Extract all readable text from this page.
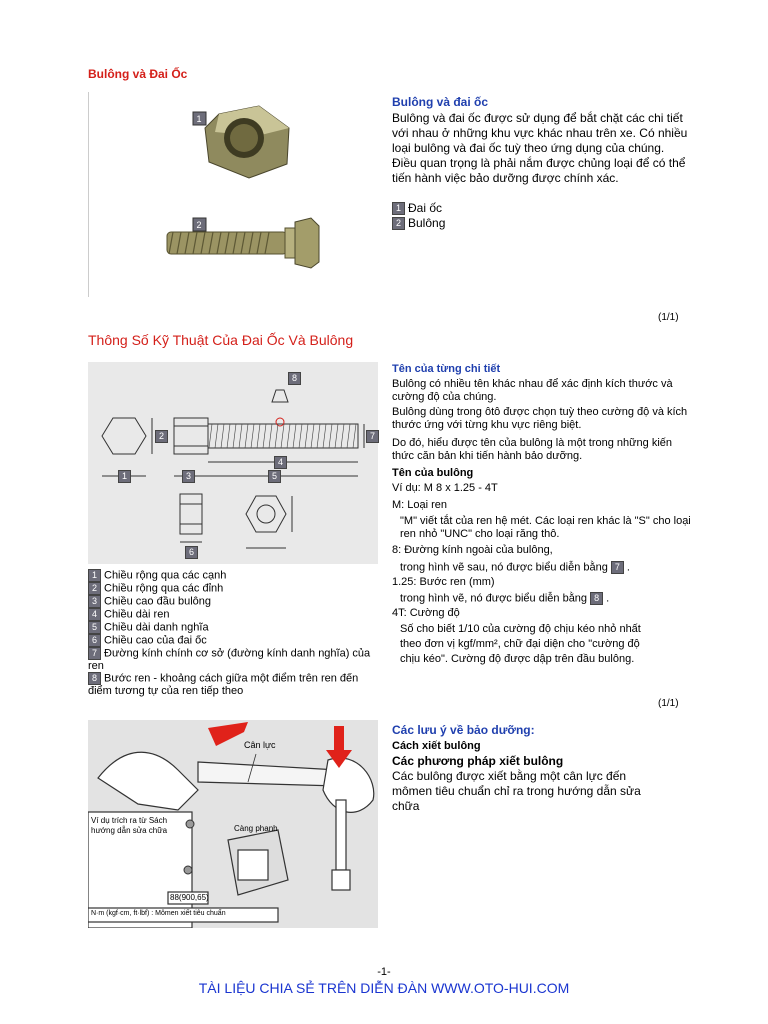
Bulông và Đai Ốc
1
2
Bulông và đai ốc
Bulông và đai ốc được sử dụng để bắt chặt các chi tiết với nhau ở những khu vực khác nhau trên xe. Có nhiều loại bulông và đai ốc tuỳ theo ứng dụng của chúng. Điều quan trọng là phải nắm được chủng loại để có thể tiến hành việc bảo dưỡng được chính xác.
1 Đai ốc
2 Bulông
(1/1)
Thông Số Kỹ Thuật Của Đai Ốc Và Bulông
1
2
3
4
5
6
7
8
1 Chiều rộng qua các cạnh
2 Chiều rộng qua các đỉnh
3 Chiều cao đầu bulông
4 Chiều dài ren
5 Chiều dài danh nghĩa
6 Chiều cao của đai ốc
7 Đường kính chính cơ sở (đường kính danh nghĩa) của ren
8 Bước ren - khoảng cách giữa một điểm trên ren đến điểm tương tự của ren tiếp theo
Tên của từng chi tiết
Bulông có nhiều tên khác nhau để xác định kích thước và cường độ của chúng.
Bulông dùng trong ôtô được chọn tuỳ theo cường độ và kích thước ứng với từng khu vực riêng biệt.
Do đó, hiểu được tên của bulông là một trong những kiến thức căn bản khi tiến hành bảo dưỡng.
Tên của bulông
Ví dụ: M 8 x 1.25 - 4T
M: Loại ren
"M" viết tắt của ren hệ mét. Các loại ren khác là "S" cho loại ren nhỏ "UNC" cho loại răng thô.
8: Đường kính ngoài của bulông,
trong hình vẽ sau, nó được biểu diễn bằng 7 .
1.25: Bước ren (mm)
trong hình vẽ, nó được biểu diễn bằng 8 .
4T: Cường độ
Số cho biết 1/10 của cường độ chịu kéo nhỏ nhất
theo đơn vị kgf/mm², chữ đại diện cho "cường độ
chịu kéo". Cường độ được dập trên đầu bulông.
(1/1)
Cân lực
Ví dụ trích ra từ Sách hướng dẫn sửa chữa	Càng phanh
88(900,65)
N·m (kgf·cm, ft·lbf) : Mômen xiết tiêu chuẩn
Các lưu ý về bảo dưỡng:
Cách xiết bulông
Các phương pháp xiết bulông
Các bulông được xiết bằng một cân lực đến mômen tiêu chuẩn chỉ ra trong hướng dẫn sửa chữa
-1-
TÀI LIỆU CHIA SẺ TRÊN DIỄN ĐÀN WWW.OTO-HUI.COM
